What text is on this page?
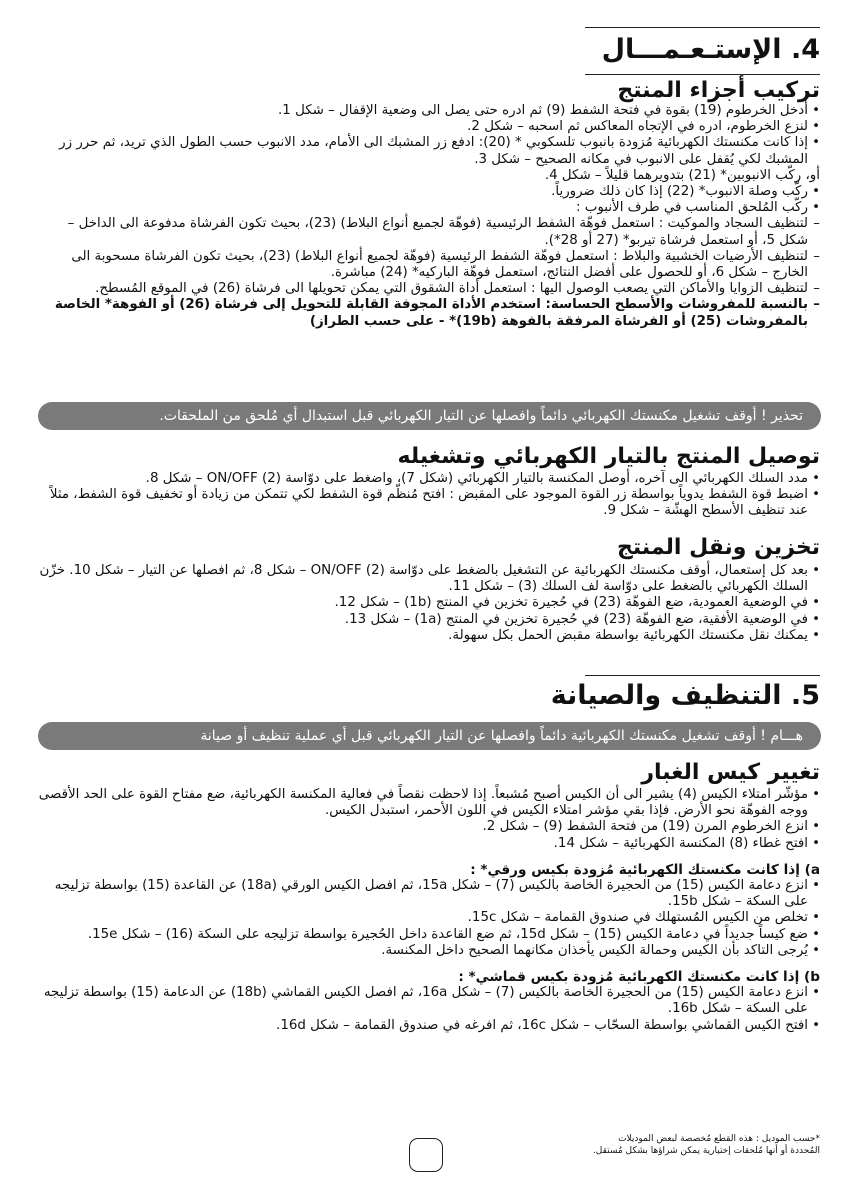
4. الإستـعـمـــال
تركيب أجزاء المنتج
• أدخل الخرطوم (19) بقوة في فتحة الشفط (9) ثم ادره حتى يصل الى وضعية الإقفال – شكل 1.
• لنزع الخرطوم، ادره في الإتجاه المعاكس ثم اسحبه – شكل 2.
• إذا كانت مكنستك الكهربائية مُزودة بانبوب تلسكوبي * (20): ادفع زر المشبك الى الأمام، مدد الانبوب حسب الطول الذي تريد، ثم حرر زر المشبك لكي يُقفل على الانبوب في مكانه الصحيح – شكل 3.
أو، ركّب الانبوبين* (21) بتدويرهما قليلاً – شكل 4.
• ركّب وصلة الانبوب* (22) إذا كان ذلك ضرورياً.
• ركّب المُلحق المناسب في طرف الأنبوب :
– لتنظيف السجاد والموكيت : استعمل فوهّة الشفط الرئيسية (فوهّة لجميع أنواع البلاط) (23)، بحيث تكون الفرشاة مدفوعة الى الداخل – شكل 5، أو استعمل فرشاة تيربو* (27 أو 28*).
– لتنظيف الأرضيات الخشبية والبلاط : استعمل فوهّة الشفط الرئيسية (فوهّة لجميع أنواع البلاط) (23)، بحيث تكون الفرشاة مسحوبة الى الخارج – شكل 6، أو للحصول على أفضل النتائج، استعمل فوهّة الباركيه* (24) مباشرة.
– لتنظيف الزوايا والأماكن التي يصعب الوصول اليها : استعمل أداة الشقوق التي يمكن تحويلها الى فرشاة (26) في الموقع المُسطح.
– بالنسبة للمفروشات والأسطح الحساسة: استخدم الأداة المجوفة القابلة للتحويل إلى فرشاة (26) أو الفوهة* الخاصة بالمفروشات (25) أو الفرشاة المرفقة بالفوهة (19b)* - على حسب الطراز)
تحذير ! أوقف تشغيل مكنستك الكهربائي دائماً وافصلها عن التيار الكهربائي قبل استبدال أي مُلحق من الملحقات.
توصيل المنتج بالتيار الكهربائي وتشغيله
• مدد السلك الكهربائي الى آخره، أوصل المكنسة بالتيار الكهربائي (شكل 7)، واضغط على دوّاسة ON/OFF (2) – شكل 8.
• اضبط قوة الشفط يدوياً بواسطة زر القوة الموجود على المقبض : افتح مُنظّم قوة الشفط لكي تتمكن من زيادة أو تخفيف قوة الشفط، مثلاً عند تنظيف الأسطح الهشّة – شكل 9.
تخزين ونقل المنتج
• بعد كل إستعمال، أوقف مكنستك الكهربائية عن التشغيل بالضغط على دوّاسة ON/OFF (2) – شكل 8، ثم افصلها عن التيار – شكل 10. خزّن السلك الكهربائي بالضغط على دوّاسة لف السلك (3) – شكل 11.
• في الوضعية العمودية، ضع الفوهّة (23) في حُجيرة تخزين في المنتج (1b) – شكل 12.
• في الوضعية الأفقية، ضع الفوهّة (23) في حُجيرة تخزين في المنتج (1a) – شكل 13.
• يمكنك نقل مكنستك الكهربائية بواسطة مقبض الحمل بكل سهولة.
5. التنظيف والصيانة
هـــام ! أوقف تشغيل مكنستك الكهربائية دائماً وافصلها عن التيار الكهربائي قبل أي عملية تنظيف أو صيانة
تغيير كيس الغبار
• مؤشّر امتلاء الكيس (4) يشير الى أن الكيس أصبح مُشبعاً. إذا لاحظت نقصاً في فعالية المكنسة الكهربائية، ضع مفتاح القوة على الحد الأقصى ووجه الفوهّة نحو الأرض. فإذا بقي مؤشر امتلاء الكيس في اللون الأحمر، استبدل الكيس.
• انزع الخرطوم المرن (19) من فتحة الشفط (9) – شكل 2.
• افتح غطاء (8) المكنسة الكهربائية – شكل 14.
a) إذا كانت مكنستك الكهربائية مُزودة بكيس ورقي* :
• انزع دعامة الكيس (15) من الحجيرة الخاصة بالكيس (7) – شكل 15a، ثم افصل الكيس الورقي (18a) عن القاعدة (15) بواسطة تزليجه على السكة – شكل 15b.
• تخلص من الكيس المُستهلك في صندوق القمامة – شكل 15c.
• ضع كيساً جديداً في دعامة الكيس (15) – شكل 15d، ثم ضع القاعدة داخل الحُجيرة بواسطة تزليجه على السكة (16) – شكل 15e.
• يُرجى التاكد بأن الكيس وحمالة الكيس يأخذان مكانهما الصحيح داخل المكنسة.
b) إذا كانت مكنستك الكهربائية مُزودة بكيس قماشي* :
• انزع دعامة الكيس (15) من الحجيرة الخاصة بالكيس (7) – شكل 16a، ثم افصل الكيس القماشي (18b) عن الدعامة (15) بواسطة تزليجه على السكة – شكل 16b.
• افتح الكيس القماشي بواسطة السحّاب – شكل 16c، ثم افرغه في صندوق القمامة – شكل 16d.
*حسب الموديل : هذه القطع مُخصصة لبعض الموديلات
المُحددة أو أنها مُلحقات إختيارية يمكن شراؤها بشكل مُستقل.
